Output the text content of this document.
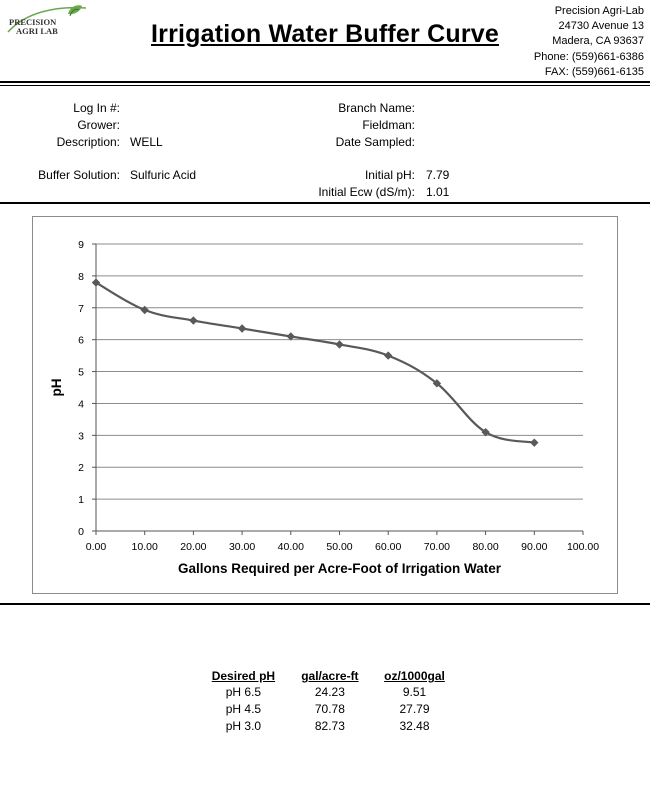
PRECISION
AGRI LAB	Irrigation Water Buffer Curve
Precision Agri-Lab
24730 Avenue 13
Madera, CA 93637
Phone: (559)661-6386
FAX: (559)661-6135
Log In #:
Grower:
Description: WELL
Buffer Solution: Sulfuric Acid
Branch Name:
Fieldman:
Date Sampled:
Initial pH: 7.79
Initial Ecw (dS/m): 1.01
0
1
2
3
4
5
6
7
8
9
0.00 10.00 20.00 30.00 40.00 50.00 60.00 70.00 80.00 90.00 100.00
Gallons Required per Acre-Foot of Irrigation Water
pH
Desired pH	gal/acre-ft	oz/1000gal
pH 6.5	24.23	9.51
pH 4.5	70.78	27.79
pH 3.0	82.73	32.48
